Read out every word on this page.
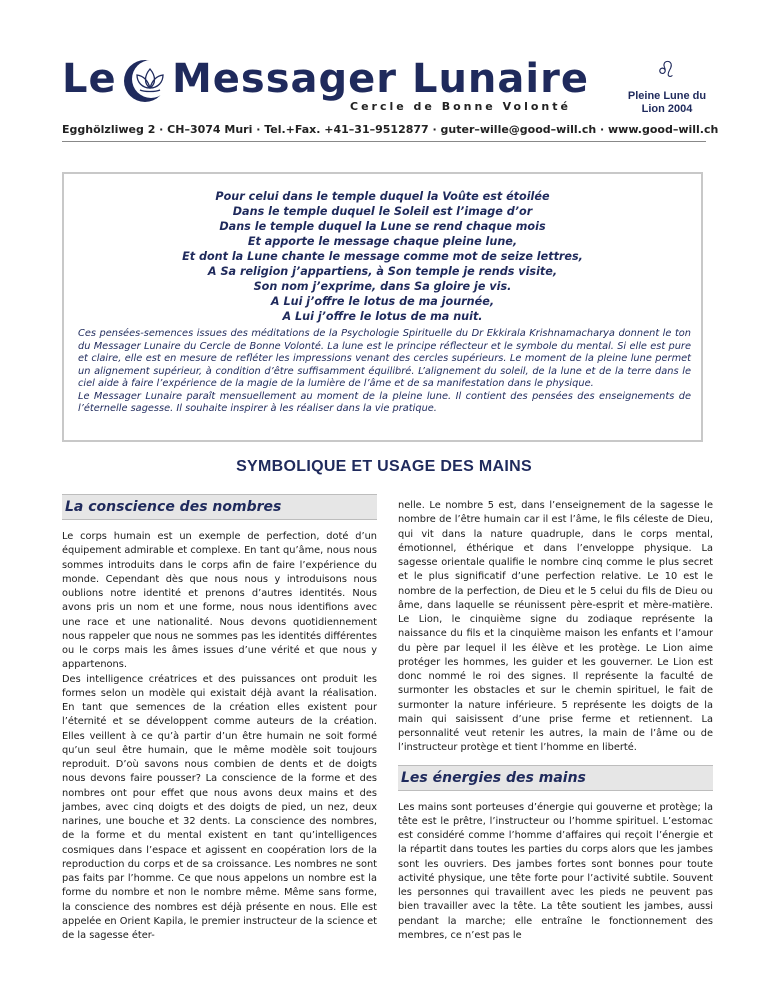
Le Messager Lunaire
Cercle de Bonne Volonté
♌
Pleine Lune du
Lion 2004
Egghölzliweg 2 · CH–3074 Muri · Tel.+Fax. +41–31–9512877 · guter–wille@good–will.ch · www.good–will.ch
Pour celui dans le temple duquel la Voûte est étoilée
Dans le temple duquel le Soleil est l’image d’or
Dans le temple duquel la Lune se rend chaque mois
Et apporte le message chaque pleine lune,
Et dont la Lune chante le message comme mot de seize lettres,
A Sa religion j’appartiens, à Son temple je rends visite,
Son nom j’exprime, dans Sa gloire je vis.
A Lui j’offre le lotus de ma journée,
A Lui j’offre le lotus de ma nuit.

Ces pensées-semences issues des méditations de la Psychologie Spirituelle du Dr Ekkirala Krishnamacharya donnent le ton du Messager Lunaire du Cercle de Bonne Volonté. La lune est le principe réflecteur et le symbole du mental. Si elle est pure et claire, elle est en mesure de refléter les impressions venant des cercles supérieurs. Le moment de la pleine lune permet un alignement supérieur, à condition d’être suffisamment équilibré. L’alignement du soleil, de la lune et de la terre dans le ciel aide à faire l’expérience de la magie de la lumière de l’âme et de sa manifestation dans le physique.

Le Messager Lunaire paraît mensuellement au moment de la pleine lune. Il contient des pensées des enseignements de l’éternelle sagesse. Il souhaite inspirer à les réaliser dans la vie pratique.

SYMBOLIQUE ET USAGE DES MAINS
La conscience des nombres

Le corps humain est un exemple de perfection, doté d’un équipement admirable et complexe. En tant qu’âme, nous nous sommes introduits dans le corps afin de faire l’expérience du monde. Cependant dès que nous nous y introduisons nous oublions notre identité et prenons d’autres identités. Nous avons pris un nom et une forme, nous nous identifions avec une race et une nationalité. Nous devons quotidiennement nous rappeler que nous ne sommes pas les identités différentes ou le corps mais les âmes issues d’une vérité et que nous y appartenons.

Des intelligence créatrices et des puissances ont produit les formes selon un modèle qui existait déjà avant la réalisation. En tant que semences de la création elles existent pour l’éternité et se développent comme auteurs de la création. Elles veillent à ce qu’à partir d’un être humain ne soit formé qu’un seul être humain, que le même modèle soit toujours reproduit. D’où savons nous combien de dents et de doigts nous devons faire pousser? La conscience de la forme et des nombres ont pour effet que nous avons deux mains et des jambes, avec cinq doigts et des doigts de pied, un nez, deux narines, une bouche et 32 dents. La conscience des nombres, de la forme et du mental existent en tant qu’intelligences cosmiques dans l’espace et agissent en coopération lors de la reproduction du corps et de sa croissance. Les nombres ne sont pas faits par l’homme. Ce que nous appelons un nombre est la forme du nombre et non le nombre même. Même sans forme, la conscience des nombres est déjà présente en nous. Elle est appelée en Orient Kapila, le premier instructeur de la science et de la sagesse éter-

nelle. Le nombre 5 est, dans l’enseignement de la sagesse le nombre de l’être humain car il est l’âme, le fils céleste de Dieu, qui vit dans la nature quadruple, dans le corps mental, émotionnel, éthérique et dans l’enveloppe physique. La sagesse orientale qualifie le nombre cinq comme le plus secret et le plus significatif d’une perfection relative. Le 10 est le nombre de la perfection, de Dieu et le 5 celui du fils de Dieu ou âme, dans laquelle se réunissent père-esprit et mère-matière. Le Lion, le cinquième signe du zodiaque représente la naissance du fils et la cinquième maison les enfants et l’amour du père par lequel il les élève et les protège. Le Lion aime protéger les hommes, les guider et les gouverner. Le Lion est donc nommé le roi des signes. Il représente la faculté de surmonter les obstacles et sur le chemin spirituel, le fait de surmonter la nature inférieure. 5 représente les doigts de la main qui saisissent d’une prise ferme et retiennent. La personnalité veut retenir les autres, la main de l’âme ou de l’instructeur protège et tient l’homme en liberté.

Les énergies des mains

Les mains sont porteuses d’énergie qui gouverne et protège; la tête est le prêtre, l’instructeur ou l’homme spirituel. L’estomac est considéré comme l’homme d’affaires qui reçoit l’énergie et la répartit dans toutes les parties du corps alors que les jambes sont les ouvriers. Des jambes fortes sont bonnes pour toute activité physique, une tête forte pour l’activité subtile. Souvent les personnes qui travaillent avec les pieds ne peuvent pas bien travailler avec la tête. La tête soutient les jambes, aussi pendant la marche; elle entraîne le fonctionnement des membres, ce n’est pas le
